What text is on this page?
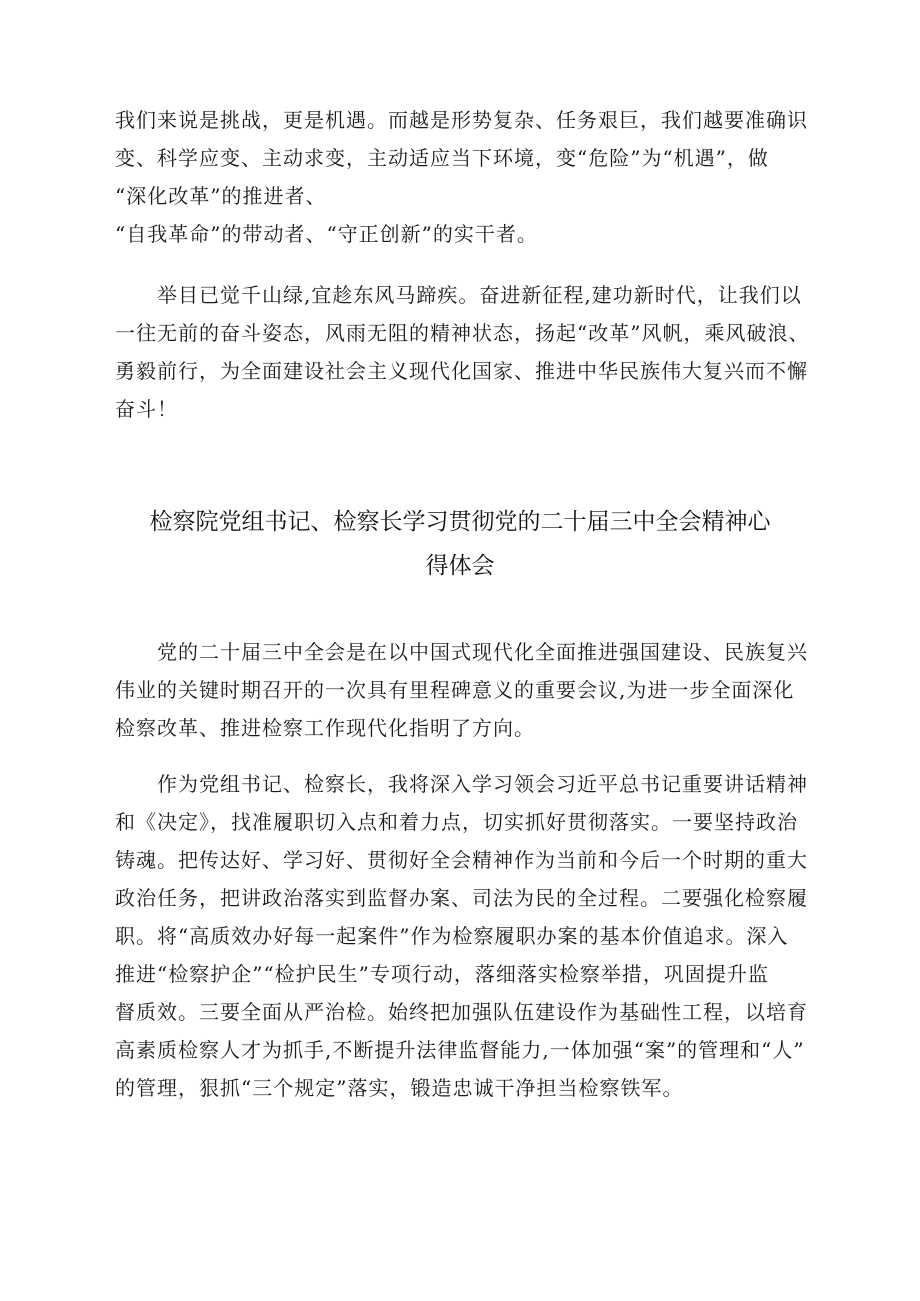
我们来说是挑战，更是机遇。而越是形势复杂、任务艰巨，我们越要准确识
变、科学应变、主动求变，主动适应当下环境，变“危险”为“机遇”，做
“深化改革”的推进者、
“自我革命”的带动者、“守正创新”的实干者。

　　举目已觉千山绿,宜趁东风马蹄疾。奋进新征程,建功新时代，让我们以
一往无前的奋斗姿态，风雨无阻的精神状态，扬起“改革”风帆，乘风破浪、
勇毅前行，为全面建设社会主义现代化国家、推进中华民族伟大复兴而不懈
奋斗！

检察院党组书记、检察长学习贯彻党的二十届三中全会精神心
得体会

　　党的二十届三中全会是在以中国式现代化全面推进强国建设、民族复兴
伟业的关键时期召开的一次具有里程碑意义的重要会议,为进一步全面深化
检察改革、推进检察工作现代化指明了方向。

　　作为党组书记、检察长，我将深入学习领会习近平总书记重要讲话精神
和《决定》，找准履职切入点和着力点，切实抓好贯彻落实。一要坚持政治
铸魂。把传达好、学习好、贯彻好全会精神作为当前和今后一个时期的重大
政治任务，把讲政治落实到监督办案、司法为民的全过程。二要强化检察履
职。将“高质效办好每一起案件”作为检察履职办案的基本价值追求。深入
推进“检察护企”“检护民生”专项行动，落细落实检察举措，巩固提升监
督质效。三要全面从严治检。始终把加强队伍建设作为基础性工程，以培育
高素质检察人才为抓手,不断提升法律监督能力,一体加强“案”的管理和“人”
的管理，狠抓“三个规定”落实，锻造忠诚干净担当检察铁军。
